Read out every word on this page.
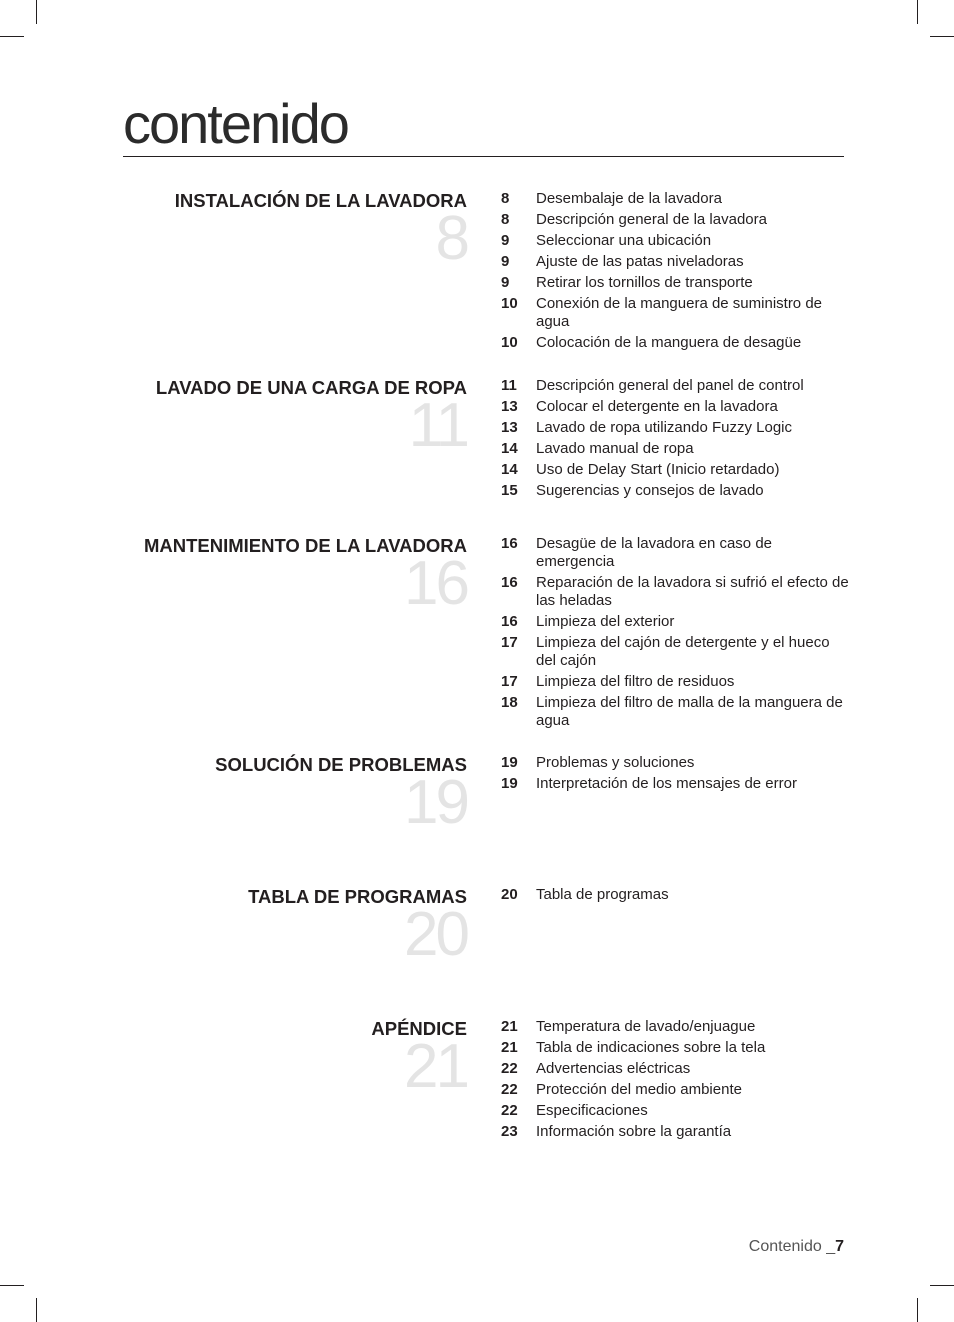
contenido
INSTALACIÓN DE LA LAVADORA
8
8	Desembalaje de la lavadora
8	Descripción general de la lavadora
9	Seleccionar una ubicación
9	Ajuste de las patas niveladoras
9	Retirar los tornillos de transporte
10	Conexión de la manguera de suministro de agua
10	Colocación de la manguera de desagüe
LAVADO DE UNA CARGA DE ROPA
11
11	Descripción general del panel de control
13	Colocar el detergente en la lavadora
13	Lavado de ropa utilizando Fuzzy Logic
14	Lavado manual de ropa
14	Uso de Delay Start (Inicio retardado)
15	Sugerencias y consejos de lavado
MANTENIMIENTO DE LA LAVADORA
16
16	Desagüe de la lavadora en caso de emergencia
16	Reparación de la lavadora si sufrió el efecto de las heladas
16	Limpieza del exterior
17	Limpieza del cajón de detergente y el hueco del cajón
17	Limpieza del filtro de residuos
18	Limpieza del filtro de malla de la manguera de agua
SOLUCIÓN DE PROBLEMAS
19
19	Problemas y soluciones
19	Interpretación de los mensajes de error
TABLA DE PROGRAMAS
20
20	Tabla de programas
APÉNDICE
21
21	Temperatura de lavado/enjuague
21	Tabla de indicaciones sobre la tela
22	Advertencias eléctricas
22	Protección del medio ambiente
22	Especificaciones
23	Información sobre la garantía
Contenido _7
